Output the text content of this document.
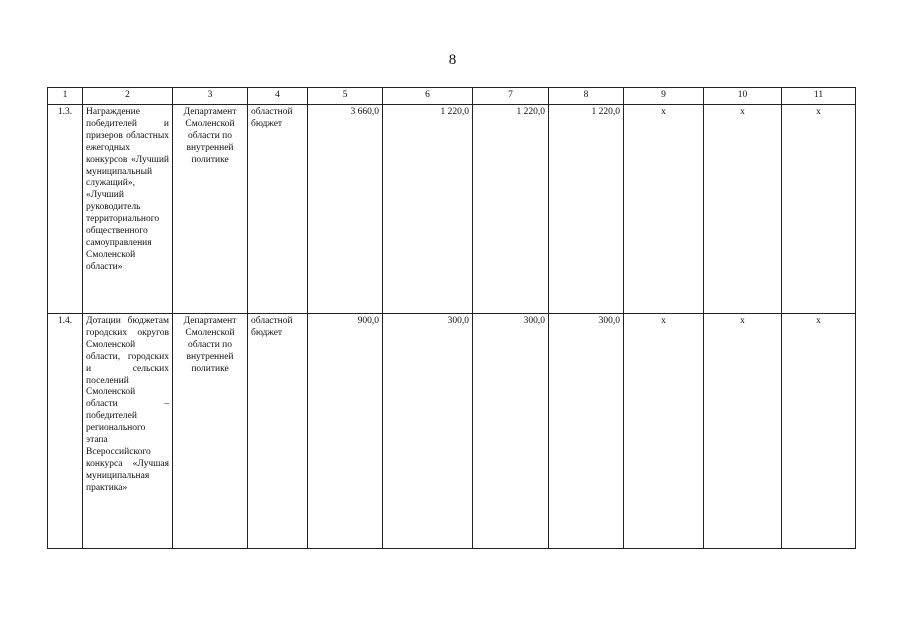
8
1	2	3	4	5	6	7	8	9	10	11
1.3.	Награждение победителей и призеров областных ежегодных конкурсов «Лучший муниципальный служащий», «Лучший руководитель территориального общественного самоуправления Смоленской области»	Департамент Смоленской области по внутренней политике	областной бюджет	3 660,0	1 220,0	1 220,0	1 220,0	x	x	x
1.4.	Дотации бюджетам городских округов Смоленской области, городских и сельских поселений Смоленской области – победителей регионального этапа Всероссийского конкурса «Лучшая муниципальная практика»	Департамент Смоленской области по внутренней политике	областной бюджет	900,0	300,0	300,0	300,0	x	x	x
